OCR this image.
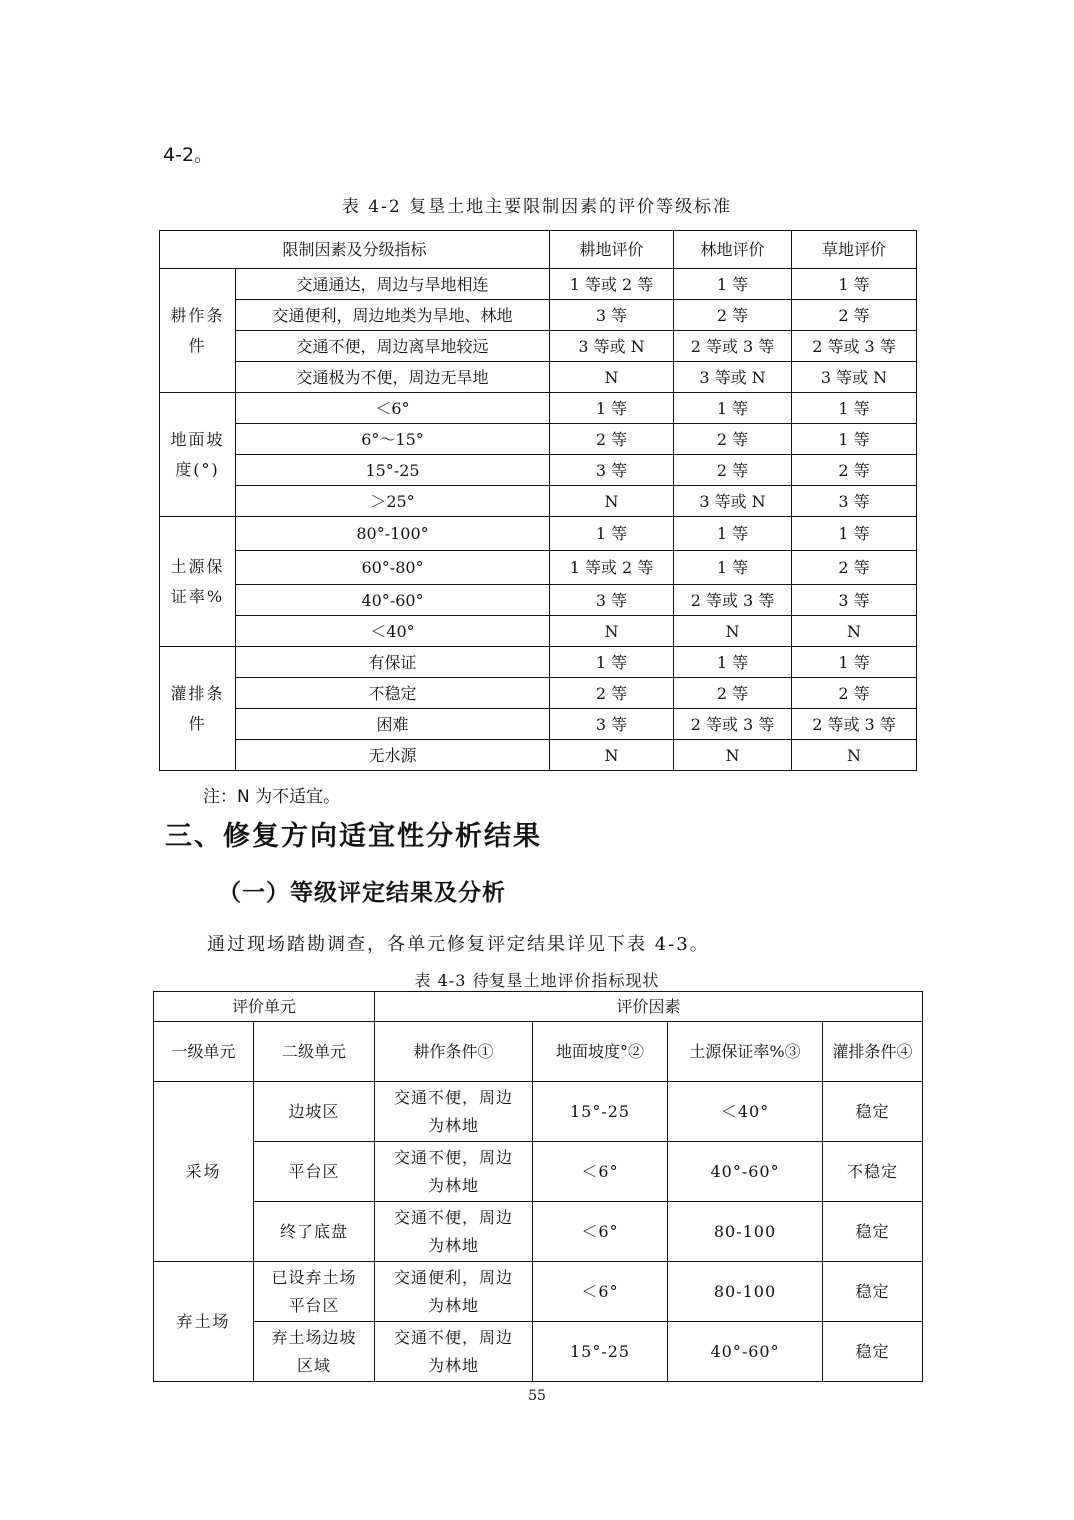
4-2。
表 4-2 复垦土地主要限制因素的评价等级标准
限制因素及分级指标		耕地评价	林地评价	草地评价
耕作条件	交通通达，周边与旱地相连	1 等或 2 等	1 等	1 等
	交通便利，周边地类为旱地、林地	3 等	2 等	2 等
	交通不便，周边离旱地较远	3 等或 N	2 等或 3 等	2 等或 3 等
	交通极为不便，周边无旱地	N	3 等或 N	3 等或 N
地面坡度(°)	＜6°	1 等	1 等	1 等
	6°～15°	2 等	2 等	1 等
	15°-25	3 等	2 等	2 等
	＞25°	N	3 等或 N	3 等
土源保证率%	80°-100°	1 等	1 等	1 等
	60°-80°	1 等或 2 等	1 等	2 等
	40°-60°	3 等	2 等或 3 等	3 等
	＜40°	N	N	N
灌排条件	有保证	1 等	1 等	1 等
	不稳定	2 等	2 等	2 等
	困难	3 等	2 等或 3 等	2 等或 3 等
	无水源	N	N	N
注：N 为不适宜。
三、修复方向适宜性分析结果
（一）等级评定结果及分析
通过现场踏勘调查，各单元修复评定结果详见下表 4-3。
表 4-3 待复垦土地评价指标现状
评价单元		评价因素			
一级单元	二级单元	耕作条件①	地面坡度°②	土源保证率%③	灌排条件④
采场	边坡区	交通不便，周边为林地	15°-25	＜40°	稳定
	平台区	交通不便，周边为林地	＜6°	40°-60°	不稳定
	终了底盘	交通不便，周边为林地	＜6°	80-100	稳定
弃土场	已设弃土场平台区	交通便利，周边为林地	＜6°	80-100	稳定
	弃土场边坡区域	交通不便，周边为林地	15°-25	40°-60°	稳定
55
